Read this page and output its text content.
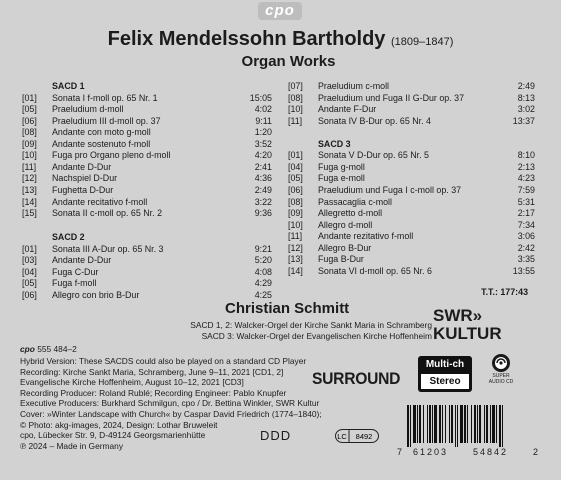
cpo
Felix Mendelssohn Bartholdy (1809–1847)
Organ Works
SACD 1
[01] Sonata I f-moll op. 65 Nr. 1	15:05
[05] Praeludium d-moll	4:02
[06] Praeludium III d-moll op. 37	9:11
[08] Andante con moto g-moll	1:20
[09] Andante sostenuto f-moll	3:52
[10] Fuga pro Organo pleno d-moll	4:20
[11] Andante D-Dur	2:41
[12] Nachspiel D-Dur	4:36
[13] Fughetta D-Dur	2:49
[14] Andante recitativo f-moll	3:22
[15] Sonata II c-moll op. 65 Nr. 2	9:36
SACD 2
[01] Sonata III A-Dur op. 65 Nr. 3	9:21
[03] Andante D-Dur	5:20
[04] Fuga C-Dur	4:08
[05] Fuga f-moll	4:29
[06] Allegro con brio B-Dur	4:25
[07] Praeludium c-moll	2:49
[08] Praeludium und Fuga II G-Dur op. 37	8:13
[10] Andante F-Dur	3:02
[11] Sonata IV B-Dur op. 65 Nr. 4	13:37
SACD 3
[01] Sonata V D-Dur op. 65 Nr. 5	8:10
[04] Fuga g-moll	2:13
[05] Fuga e-moll	4:23
[06] Praeludium und Fuga I c-moll op. 37	7:59
[08] Passacaglia c-moll	5:31
[09] Allegretto d-moll	2:17
[10] Allegro d-moll	7:34
[11] Andante rezitativo f-moll	3:06
[12] Allegro B-Dur	2:42
[13] Fuga B-Dur	3:35
[14] Sonata VI d-moll op. 65 Nr. 6	13:55
T.T.: 177:43
Christian Schmitt
SACD 1, 2: Walcker-Orgel der Kirche Sankt Maria in Schramberg
SACD 3: Walcker-Orgel der Evangelischen Kirche Hoffenheim
SWR»
KULTUR
cpo 555 484–2
Hybrid Version: These SACDS could also be played on a standard CD Player
Recording: Kirche Sankt Maria, Schramberg, June 9–11, 2021 [CD1, 2]
Evangelische Kirche Hoffenheim, August 10–12, 2021 [CD3]
Recording Producer: Roland Rublé; Recording Engineer: Pablo Knupfer
Executive Producers: Burkhard Schmilgun, cpo / Dr. Bettina Winkler, SWR Kultur
Cover: »Winter Landscape with Church« by Caspar David Friedrich (1774–1840);
© Photo: akg-images, 2024, Design: Lothar Bruweleit
cpo, Lübecker Str. 9, D-49124 Georgsmarienhütte
℗ 2024 – Made in Germany
SURROUND
Multi-ch
Stereo	SUPER AUDIO CD
DDD	LC 8492
7 61203	54842	2
